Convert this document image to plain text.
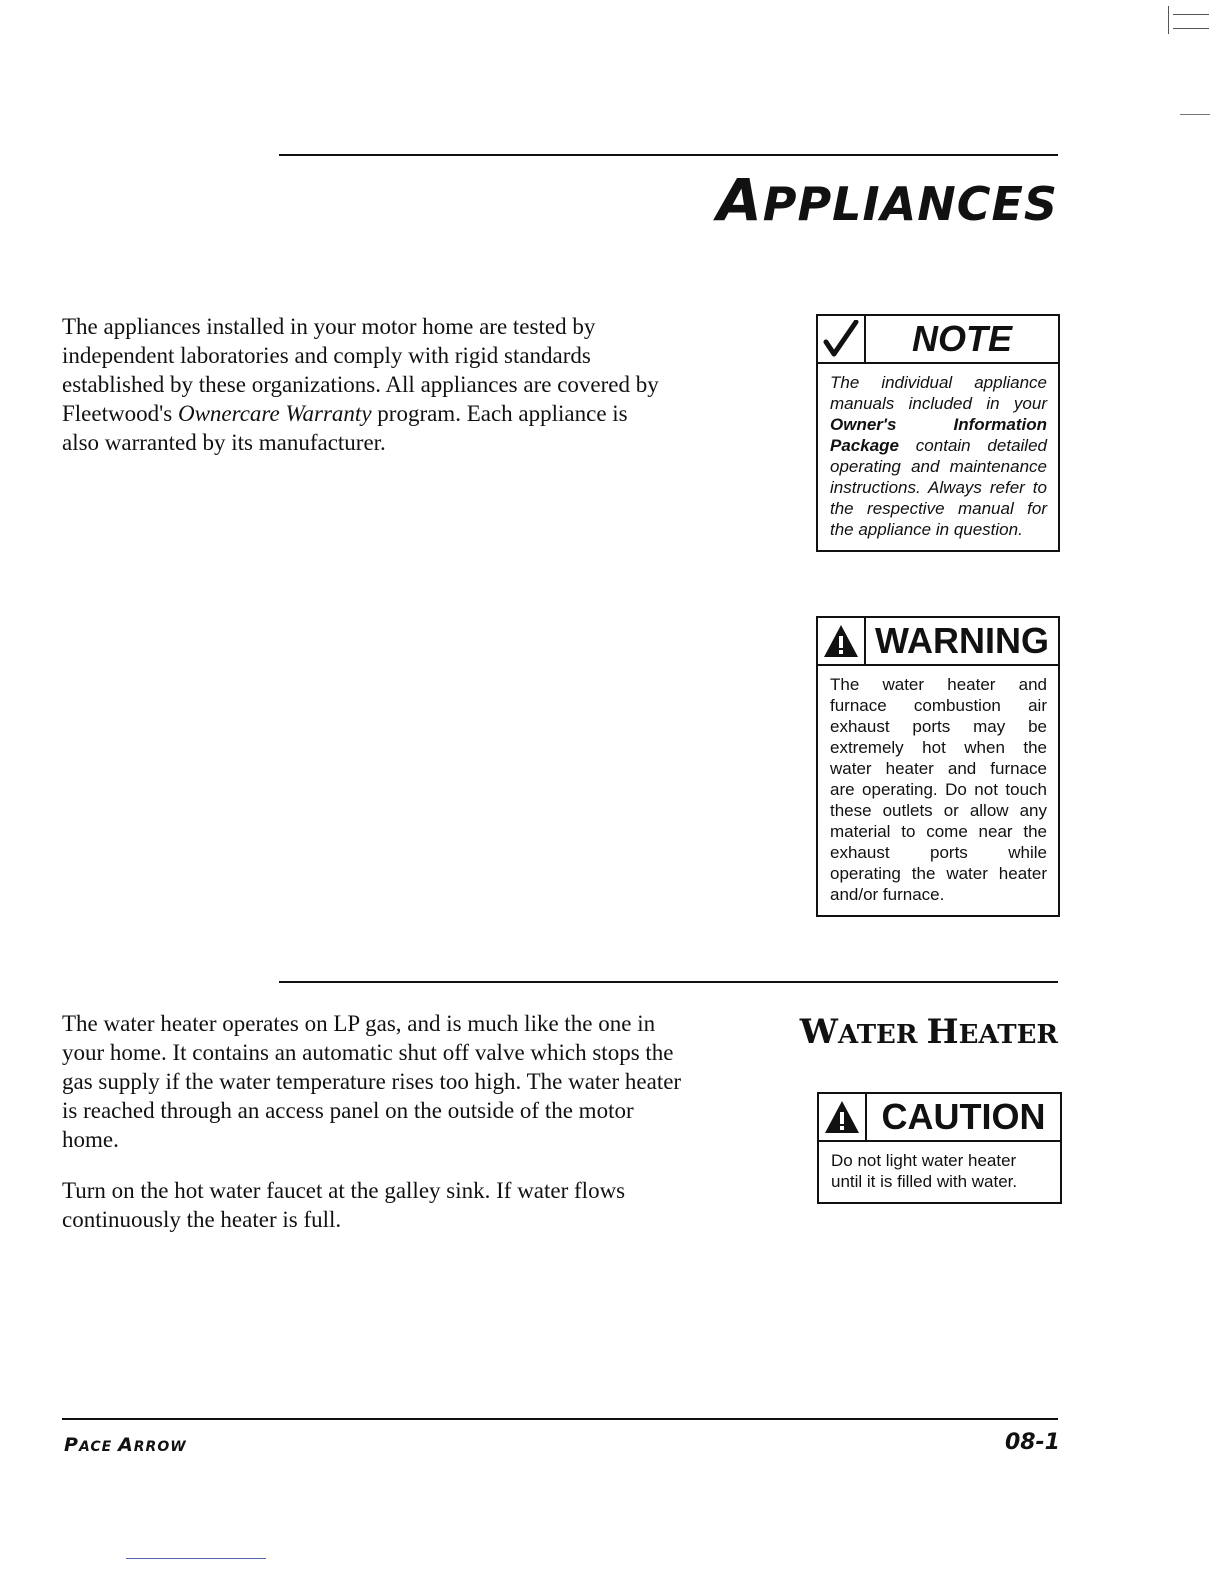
APPLIANCES

The appliances installed in your motor home are tested by independent laboratories and comply with rigid standards established by these organizations. All appliances are covered by Fleetwood's Ownercare Warranty program. Each appliance is also warranted by its manufacturer.

NOTE
The individual appliance manuals included in your Owner's Information Package contain detailed operating and maintenance instructions. Always refer to the respective manual for the appliance in question.
WARNING
The water heater and furnace combustion air exhaust ports may be extremely hot when the water heater and furnace are operating. Do not touch these outlets or allow any material to come near the exhaust ports while operating the water heater and/or furnace.
WATER HEATER

The water heater operates on LP gas, and is much like the one in your home. It contains an automatic shut off valve which stops the gas supply if the water temperature rises too high. The water heater is reached through an access panel on the outside of the motor home.

Turn on the hot water faucet at the galley sink. If water flows continuously the heater is full.

CAUTION
Do not light water heater until it is filled with water.
PACE ARROW	08-1
